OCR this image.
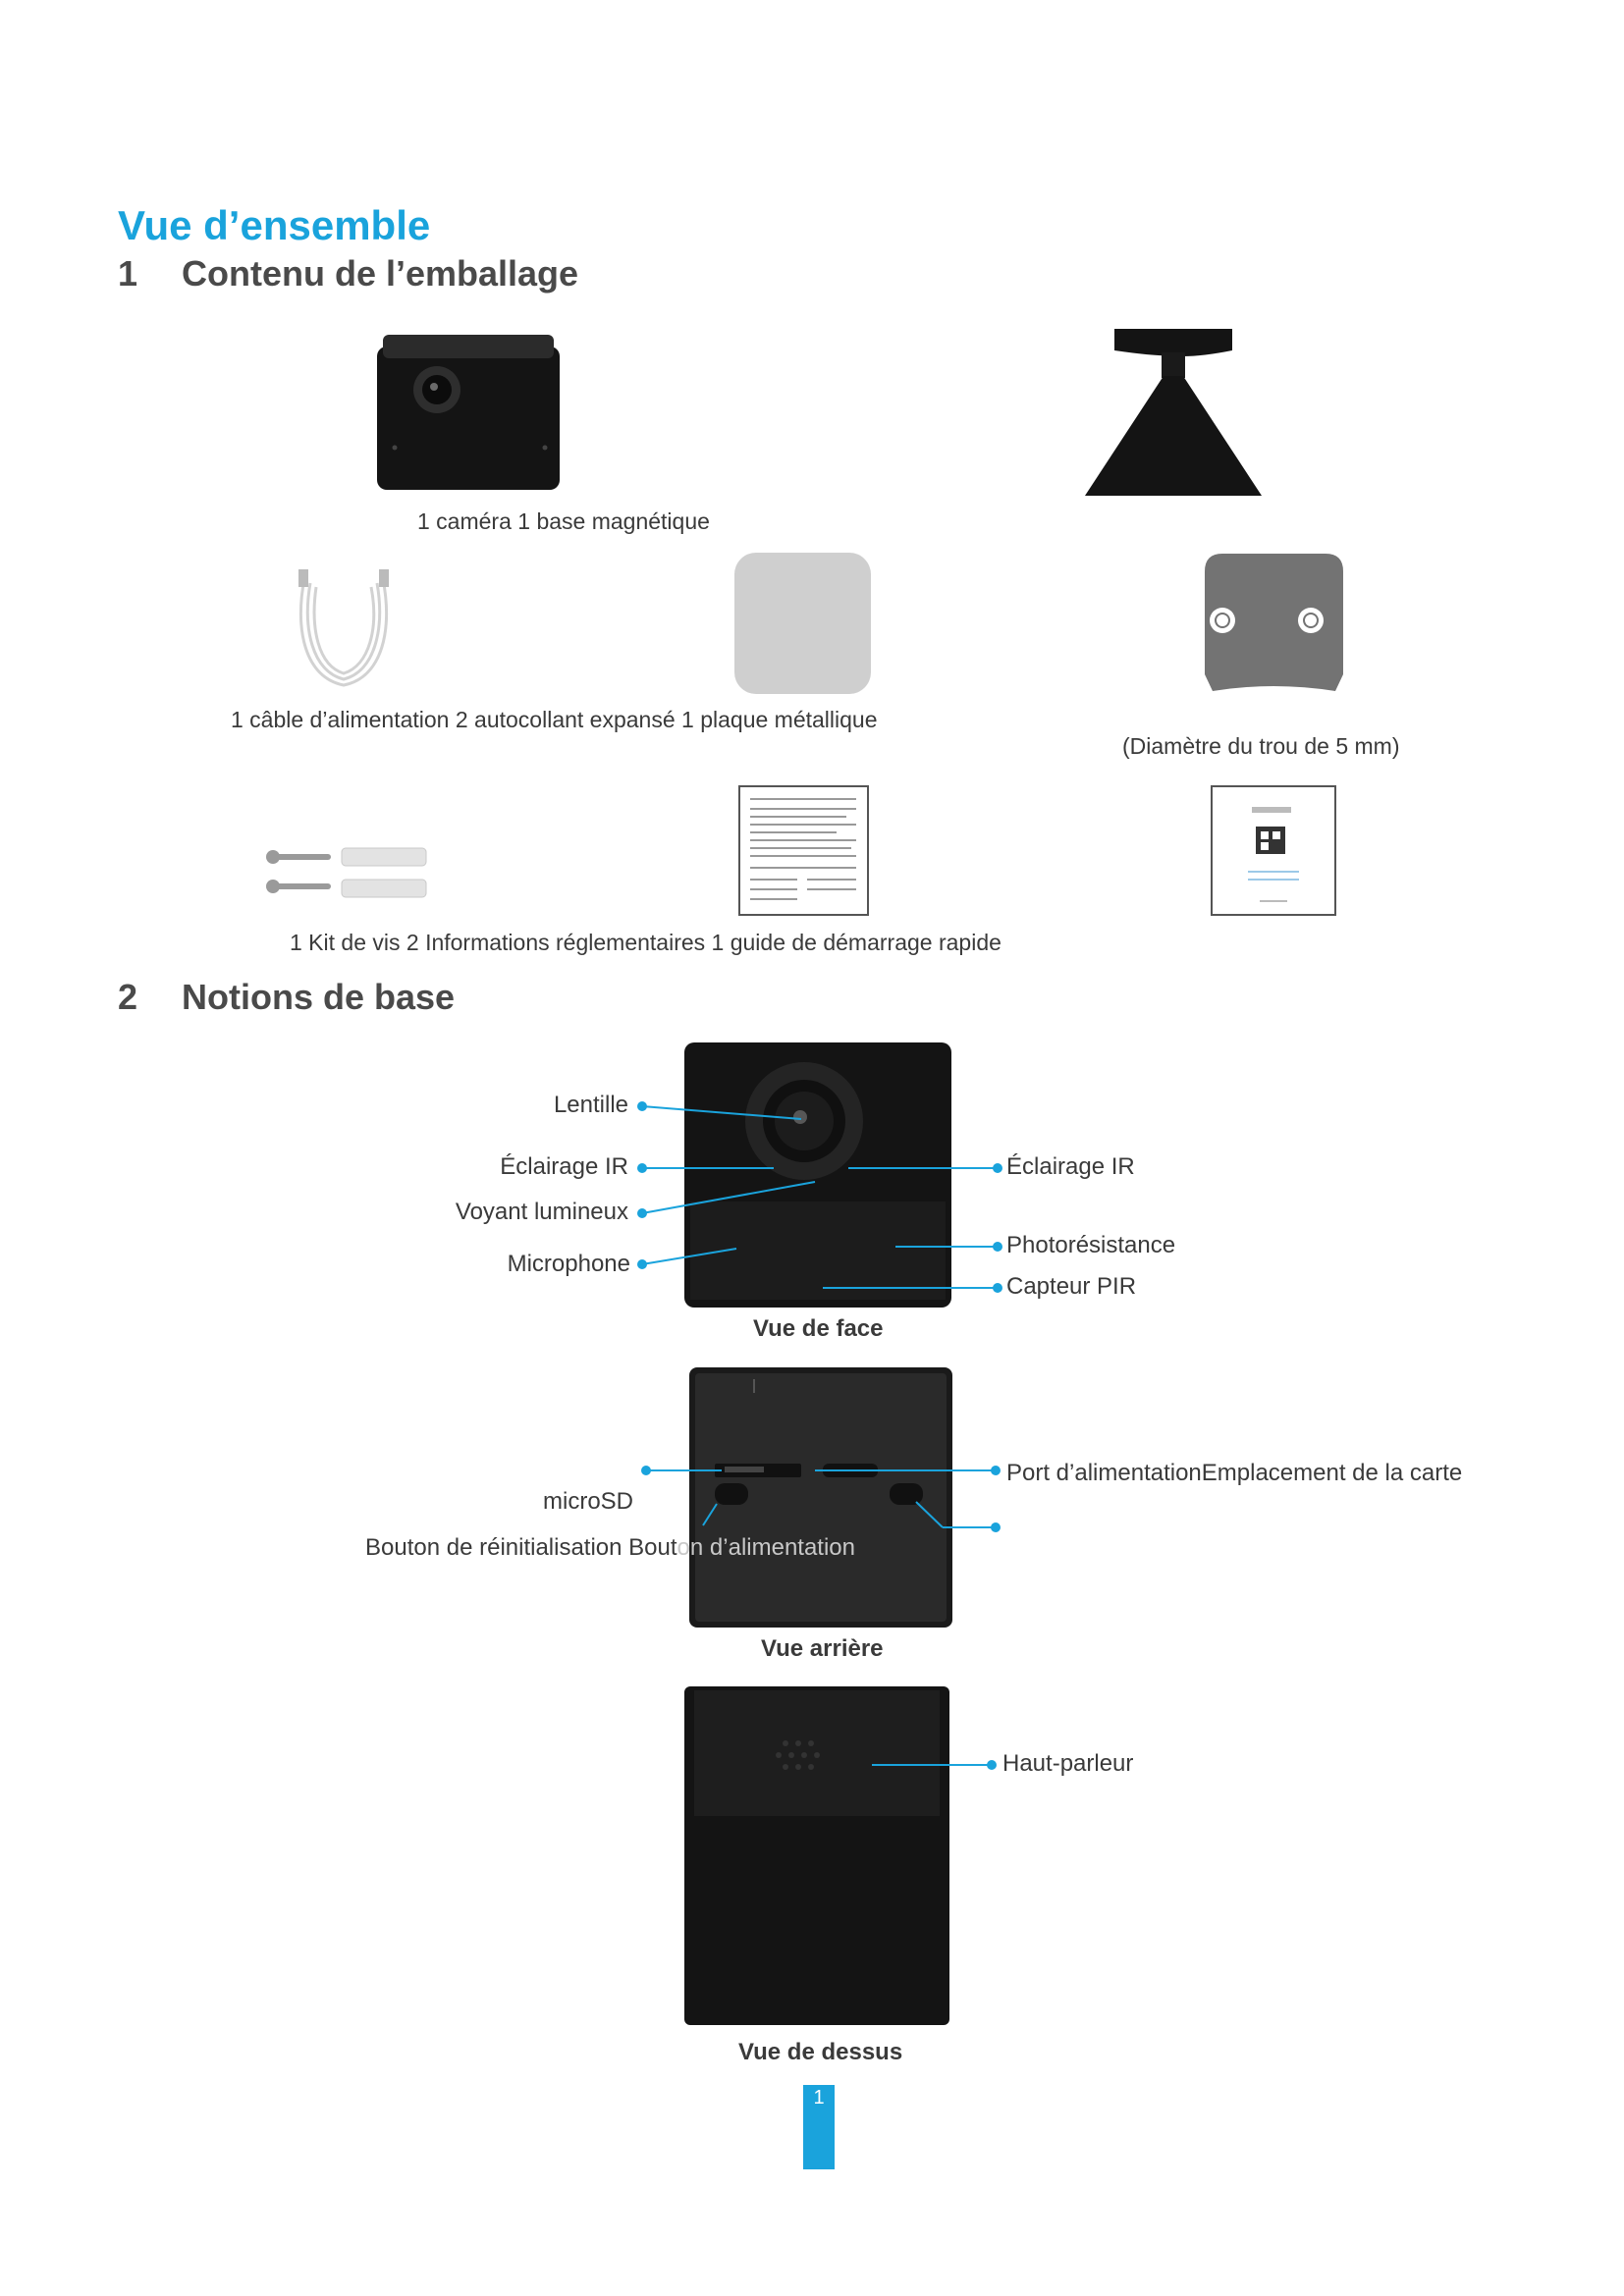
Vue d’ensemble
1 Contenu de l’emballage
1 caméra 1 base magnétique
1 câble d’alimentation 2 autocollant expansé 1 plaque métallique
(Diamètre du trou de 5 mm)
1 Kit de vis 2 Informations réglementaires 1 guide de démarrage rapide
2 Notions de base
Lentille
Éclairage IR
Voyant lumineux
Microphone
Éclairage IR
Photorésistance
Capteur PIR
Vue de face
Port d’alimentationEmplacement de la carte
microSD
Bouton de réinitialisation Bouton d’alimentation
Vue arrière
Haut-parleur
Vue de dessus
1
